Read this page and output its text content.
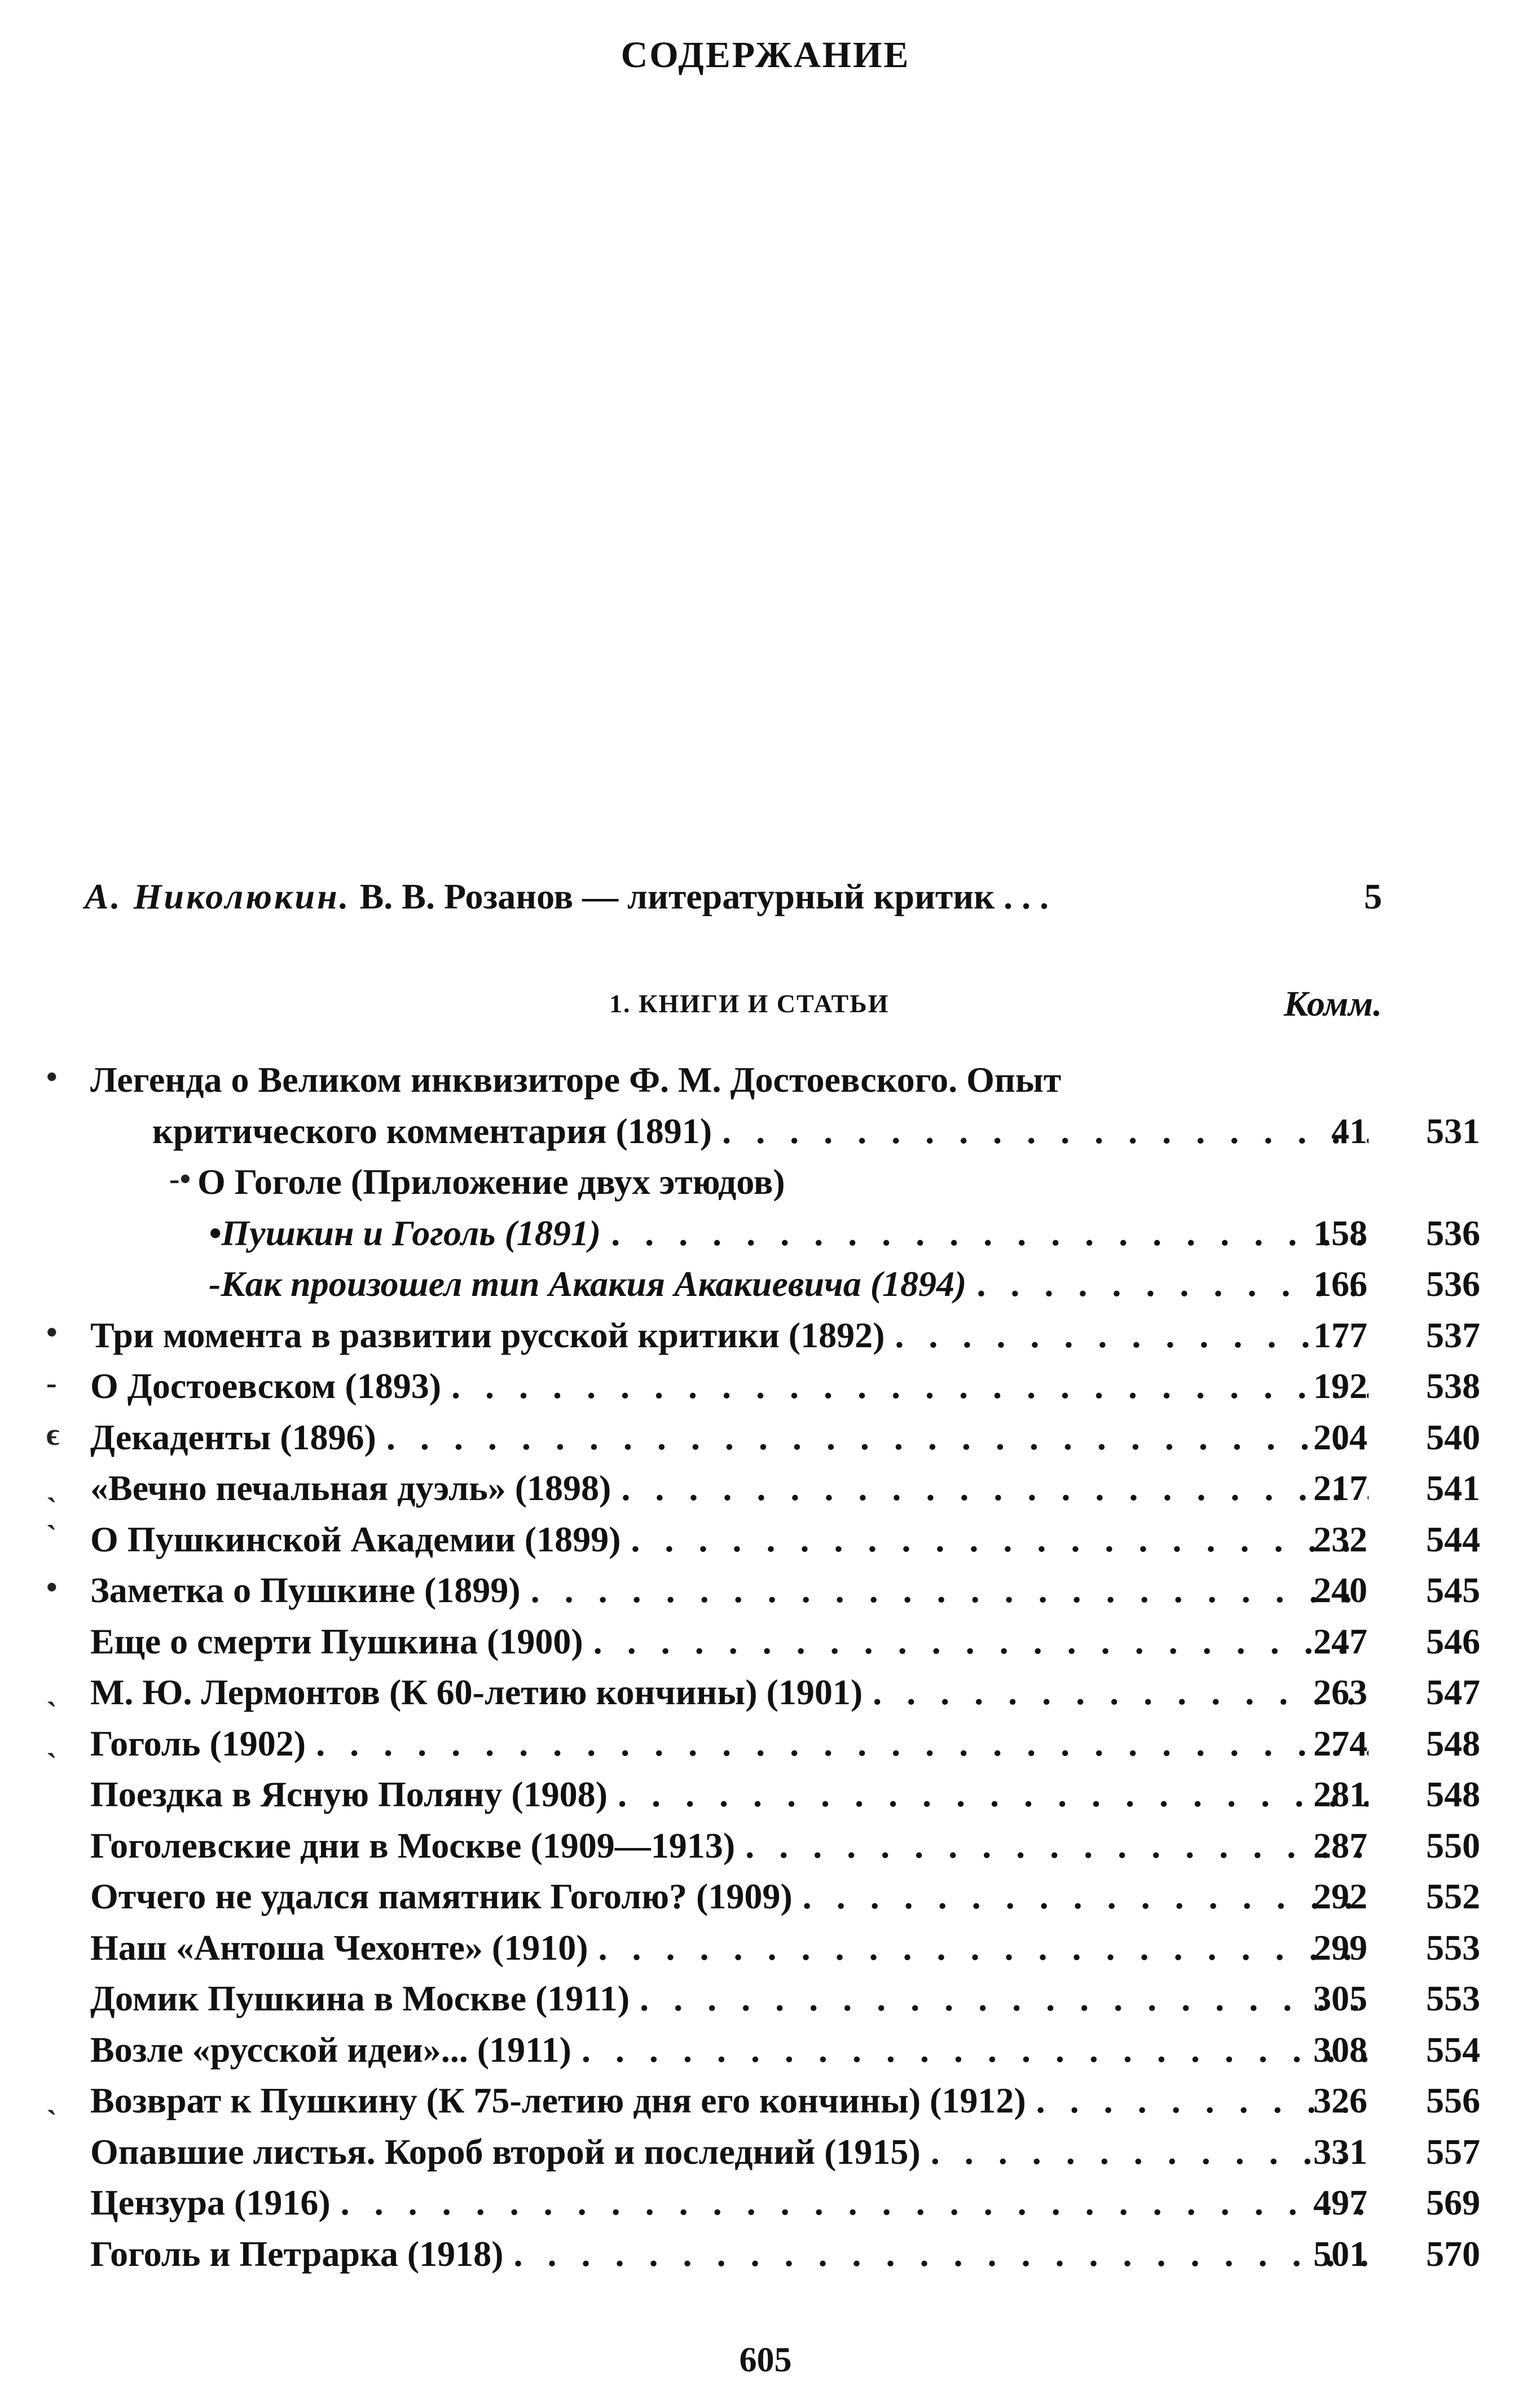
СОДЕРЖАНИЕ
А. Николюкин. В. В. Розанов — литературный критик . . .	5
1. КНИГИ И СТАТЬИ	Комм.
• Легенда о Великом инквизиторе Ф. М. Достоевского. Опыт
критического комментария (1891) . . .	41	531
-• О Гоголе (Приложение двух этюдов)
•Пушкин и Гоголь (1891) . . .	158	536
-Как произошел тип Акакия Акакиевича (1894) . . .	166	536
• Три момента в развитии русской критики (1892) . . .	177	537
- О Достоевском (1893) . . .	192	538
ϵ Декаденты (1896) . . .	204	540
ˎ «Вечно печальная дуэль» (1898) . . .	217	541
ˋ О Пушкинской Академии (1899) . . .	232	544
• Заметка о Пушкине (1899) . . .	240	545
Еще о смерти Пушкина (1900) . . .	247	546
ˎ М. Ю. Лермонтов (К 60-летию кончины) (1901) . . .	263	547
ˎ Гоголь (1902) . . .	274	548
Поездка в Ясную Поляну (1908) . . .	281	548
Гоголевские дни в Москве (1909—1913) . . .	287	550
Отчего не удался памятник Гоголю? (1909) . . .	292	552
Наш «Антоша Чехонте» (1910) . . .	299	553
Домик Пушкина в Москве (1911) . . .	305	553
Возле «русской идеи»... (1911) . . .	308	554
ˎ Возврат к Пушкину (К 75-летию дня его кончины) (1912) . . .	326	556
Опавшие листья. Короб второй и последний (1915) . . .	331	557
Цензура (1916) . . .	497	569
Гоголь и Петрарка (1918) . . .	501	570
605
